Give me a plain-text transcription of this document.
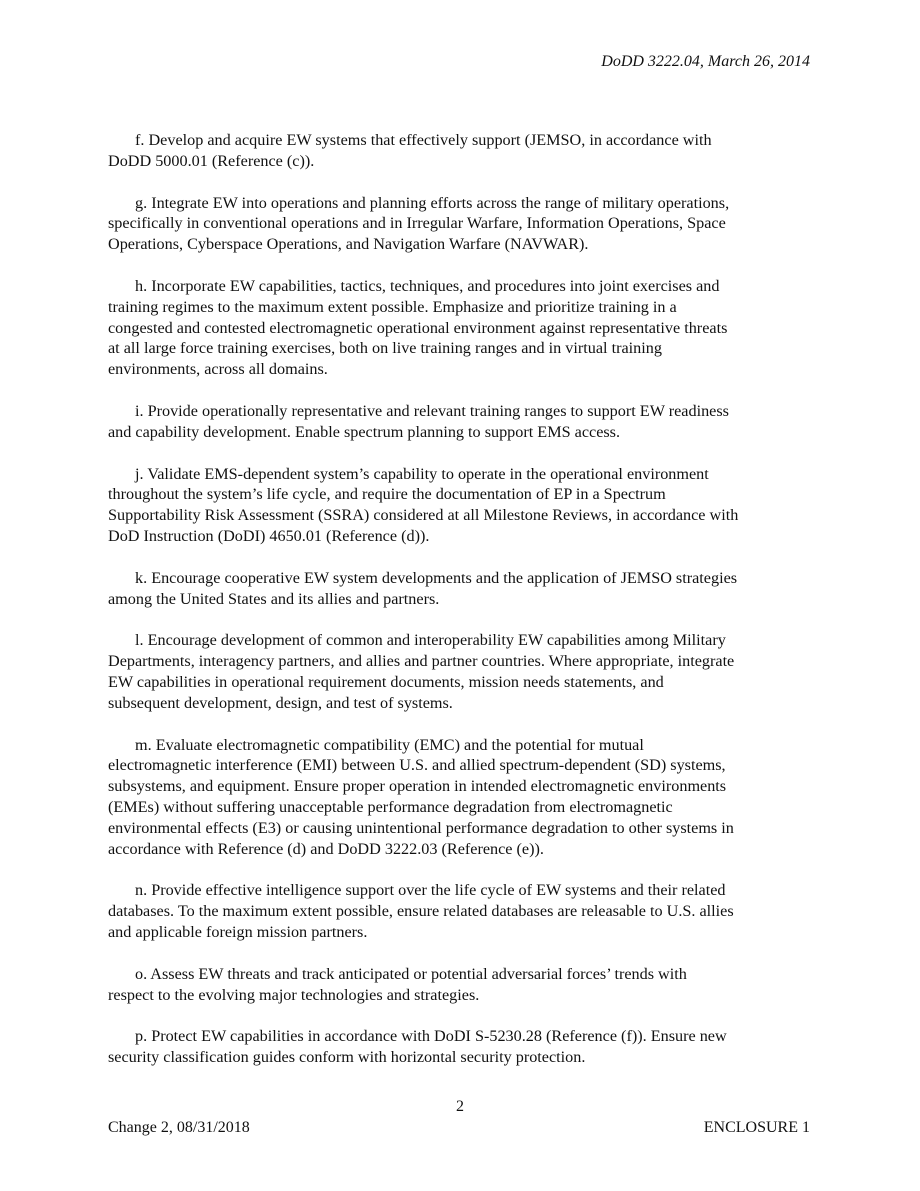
DoDD 3222.04, March 26, 2014

f. Develop and acquire EW systems that effectively support (JEMSO, in accordance with
DoDD 5000.01 (Reference (c)).

g. Integrate EW into operations and planning efforts across the range of military operations,
specifically in conventional operations and in Irregular Warfare, Information Operations, Space
Operations, Cyberspace Operations, and Navigation Warfare (NAVWAR).

h. Incorporate EW capabilities, tactics, techniques, and procedures into joint exercises and
training regimes to the maximum extent possible. Emphasize and prioritize training in a
congested and contested electromagnetic operational environment against representative threats
at all large force training exercises, both on live training ranges and in virtual training
environments, across all domains.

i. Provide operationally representative and relevant training ranges to support EW readiness
and capability development. Enable spectrum planning to support EMS access.

j. Validate EMS-dependent system’s capability to operate in the operational environment
throughout the system’s life cycle, and require the documentation of EP in a Spectrum
Supportability Risk Assessment (SSRA) considered at all Milestone Reviews, in accordance with
DoD Instruction (DoDI) 4650.01 (Reference (d)).

k. Encourage cooperative EW system developments and the application of JEMSO strategies
among the United States and its allies and partners.

l. Encourage development of common and interoperability EW capabilities among Military
Departments, interagency partners, and allies and partner countries. Where appropriate, integrate
EW capabilities in operational requirement documents, mission needs statements, and
subsequent development, design, and test of systems.

m. Evaluate electromagnetic compatibility (EMC) and the potential for mutual
electromagnetic interference (EMI) between U.S. and allied spectrum-dependent (SD) systems,
subsystems, and equipment. Ensure proper operation in intended electromagnetic environments
(EMEs) without suffering unacceptable performance degradation from electromagnetic
environmental effects (E3) or causing unintentional performance degradation to other systems in
accordance with Reference (d) and DoDD 3222.03 (Reference (e)).

n. Provide effective intelligence support over the life cycle of EW systems and their related
databases. To the maximum extent possible, ensure related databases are releasable to U.S. allies
and applicable foreign mission partners.

o. Assess EW threats and track anticipated or potential adversarial forces’ trends with
respect to the evolving major technologies and strategies.

p. Protect EW capabilities in accordance with DoDI S-5230.28 (Reference (f)). Ensure new
security classification guides conform with horizontal security protection.

2
Change 2, 08/31/2018	ENCLOSURE 1
